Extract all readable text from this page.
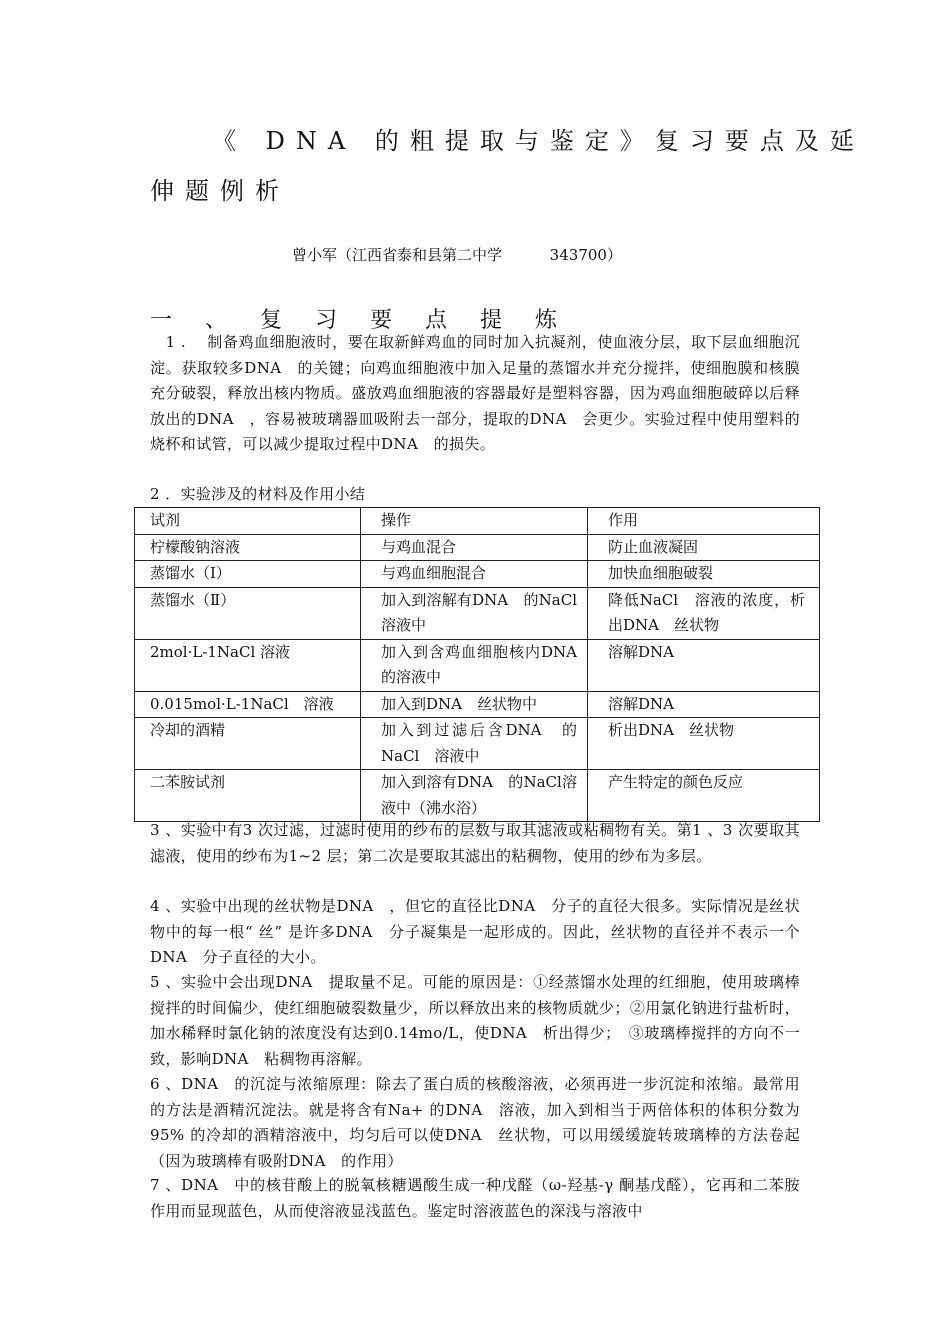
《 DNA 的粗提取与鉴定》复习要点及延
伸题例析
曾小军（江西省泰和县第二中学          343700）
一 、 复 习 要 点 提 炼
　1 .　 制备鸡血细胞液时，要在取新鲜鸡血的同时加入抗凝剂，使血液分层，取下层血细胞沉淀。获取较多DNA　的关键；向鸡血细胞液中加入足量的蒸馏水并充分搅拌，使细胞膜和核膜充分破裂，释放出核内物质。盛放鸡血细胞液的容器最好是塑料容器，因为鸡血细胞破碎以后释放出的DNA　，容易被玻璃器皿吸附去一部分，提取的DNA　会更少。实验过程中使用塑料的烧杯和试管，可以减少提取过程中DNA　的损失。
2 ．实验涉及的材料及作用小结
试剂	操作	作用
柠檬酸钠溶液	与鸡血混合	防止血液凝固
蒸馏水（Ⅰ）	与鸡血细胞混合	加快血细胞破裂
蒸馏水（Ⅱ）	加入到溶解有DNA　的NaCl　溶液中	降低NaCl　溶液的浓度，析出DNA　丝状物
2mol·L-1NaCl 溶液	加入到含鸡血细胞核内DNA　的溶液中	溶解DNA
0.015mol·L-1NaCl　溶液	加入到DNA　丝状物中	溶解DNA
冷却的酒精	加入到过滤后含DNA　的NaCl　溶液中	析出DNA　丝状物
二苯胺试剂	加入到溶有DNA　的NaCl溶液中（沸水浴）	产生特定的颜色反应
3 、实验中有3 次过滤，过滤时使用的纱布的层数与取其滤液或粘稠物有关。第1 、3 次要取其滤液，使用的纱布为1~2 层；第二次是要取其滤出的粘稠物，使用的纱布为多层。
4 、实验中出现的丝状物是DNA　，但它的直径比DNA　分子的直径大很多。实际情况是丝状物中的每一根“ 丝” 是许多DNA　分子凝集是一起形成的。因此，丝状物的直径并不表示一个DNA　分子直径的大小。
5 、实验中会出现DNA　提取量不足。可能的原因是：①经蒸馏水处理的红细胞，使用玻璃棒搅拌的时间偏少，使红细胞破裂数量少，所以释放出来的核物质就少；②用氯化钠进行盐析时，加水稀释时氯化钠的浓度没有达到0.14mo/L，使DNA　析出得少；　③玻璃棒搅拌的方向不一致，影响DNA　粘稠物再溶解。
6 、DNA　的沉淀与浓缩原理：除去了蛋白质的核酸溶液，必须再进一步沉淀和浓缩。最常用的方法是酒精沉淀法。就是将含有Na+ 的DNA　溶液，加入到相当于两倍体积的体积分数为95% 的冷却的酒精溶液中，均匀后可以使DNA　丝状物，可以用缓缓旋转玻璃棒的方法卷起（因为玻璃棒有吸附DNA　的作用）
7 、DNA　中的核苷酸上的脱氧核糖遇酸生成一种戊醛（ω-羟基-γ 酮基戊醛），它再和二苯胺作用而显现蓝色，从而使溶液显浅蓝色。鉴定时溶液蓝色的深浅与溶液中
